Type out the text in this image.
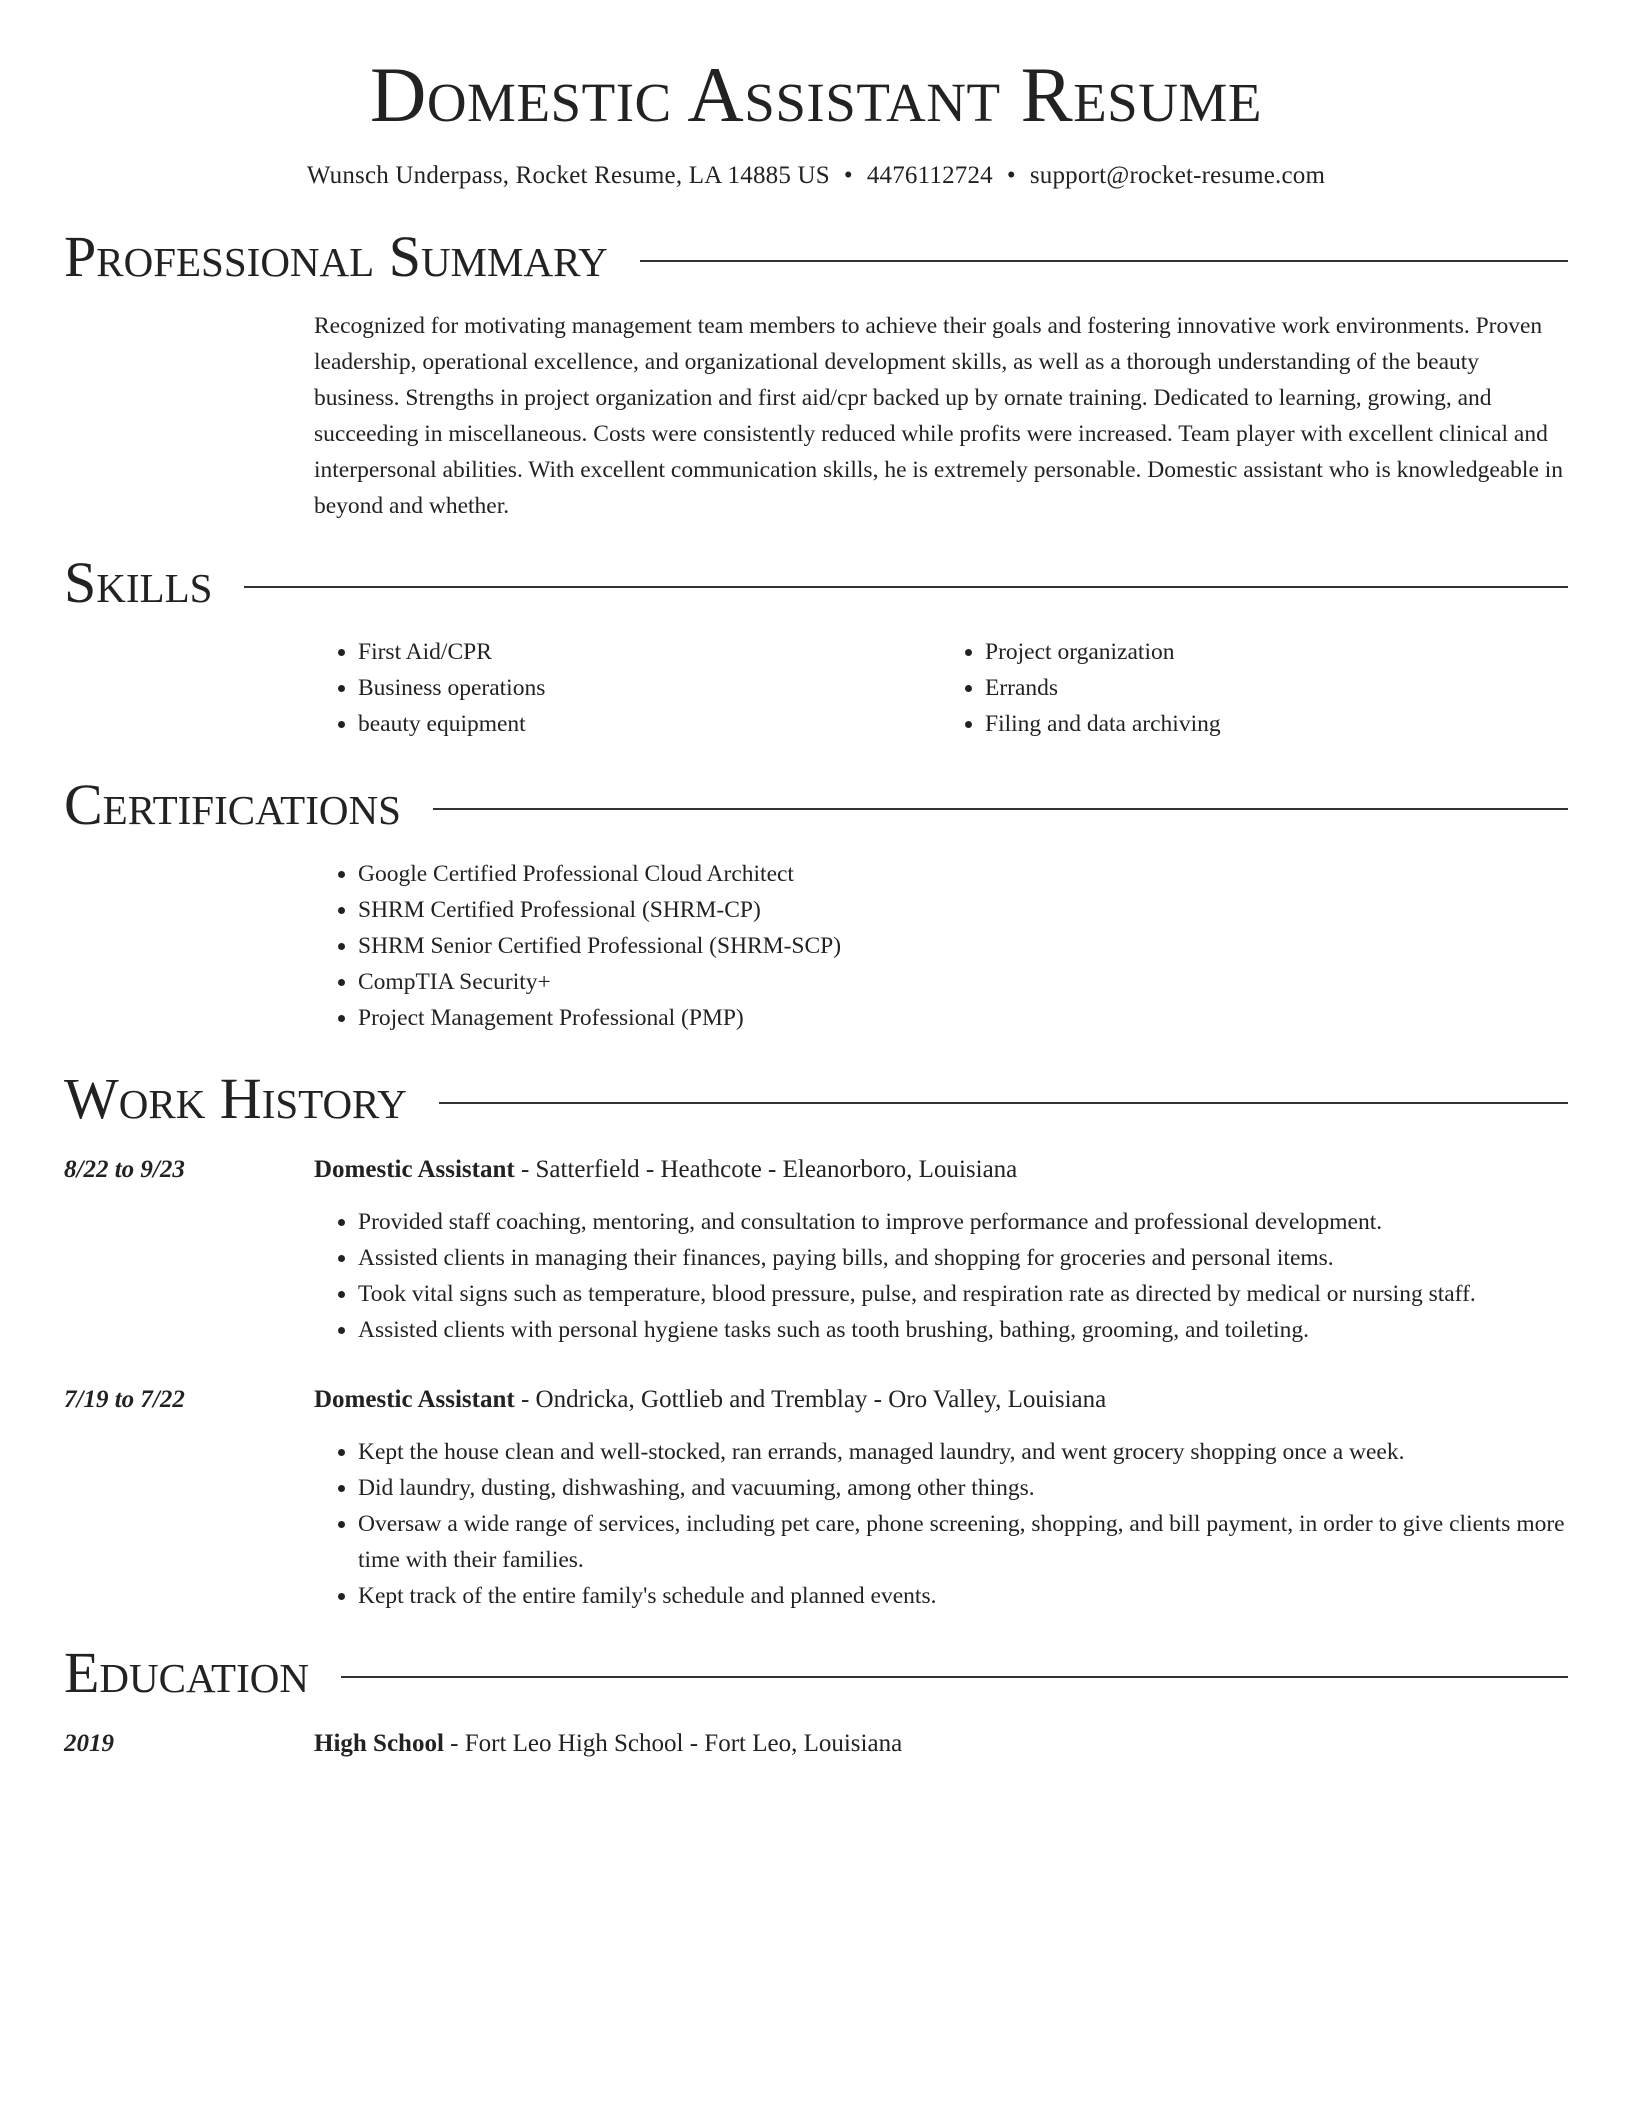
Domestic Assistant Resume
Wunsch Underpass, Rocket Resume, LA 14885 US • 4476112724 • support@rocket-resume.com
Professional Summary
Recognized for motivating management team members to achieve their goals and fostering innovative work environments. Proven leadership, operational excellence, and organizational development skills, as well as a thorough understanding of the beauty business. Strengths in project organization and first aid/cpr backed up by ornate training. Dedicated to learning, growing, and succeeding in miscellaneous. Costs were consistently reduced while profits were increased. Team player with excellent clinical and interpersonal abilities. With excellent communication skills, he is extremely personable. Domestic assistant who is knowledgeable in beyond and whether.
Skills
• First Aid/CPR
• Business operations
• beauty equipment
• Project organization
• Errands
• Filing and data archiving
Certifications
• Google Certified Professional Cloud Architect
• SHRM Certified Professional (SHRM-CP)
• SHRM Senior Certified Professional (SHRM-SCP)
• CompTIA Security+
• Project Management Professional (PMP)
Work History
8/22 to 9/23	Domestic Assistant - Satterfield - Heathcote - Eleanorboro, Louisiana
• Provided staff coaching, mentoring, and consultation to improve performance and professional development.
• Assisted clients in managing their finances, paying bills, and shopping for groceries and personal items.
• Took vital signs such as temperature, blood pressure, pulse, and respiration rate as directed by medical or nursing staff.
• Assisted clients with personal hygiene tasks such as tooth brushing, bathing, grooming, and toileting.
7/19 to 7/22	Domestic Assistant - Ondricka, Gottlieb and Tremblay - Oro Valley, Louisiana
• Kept the house clean and well-stocked, ran errands, managed laundry, and went grocery shopping once a week.
• Did laundry, dusting, dishwashing, and vacuuming, among other things.
• Oversaw a wide range of services, including pet care, phone screening, shopping, and bill payment, in order to give clients more time with their families.
• Kept track of the entire family's schedule and planned events.
Education
2019	High School - Fort Leo High School - Fort Leo, Louisiana
